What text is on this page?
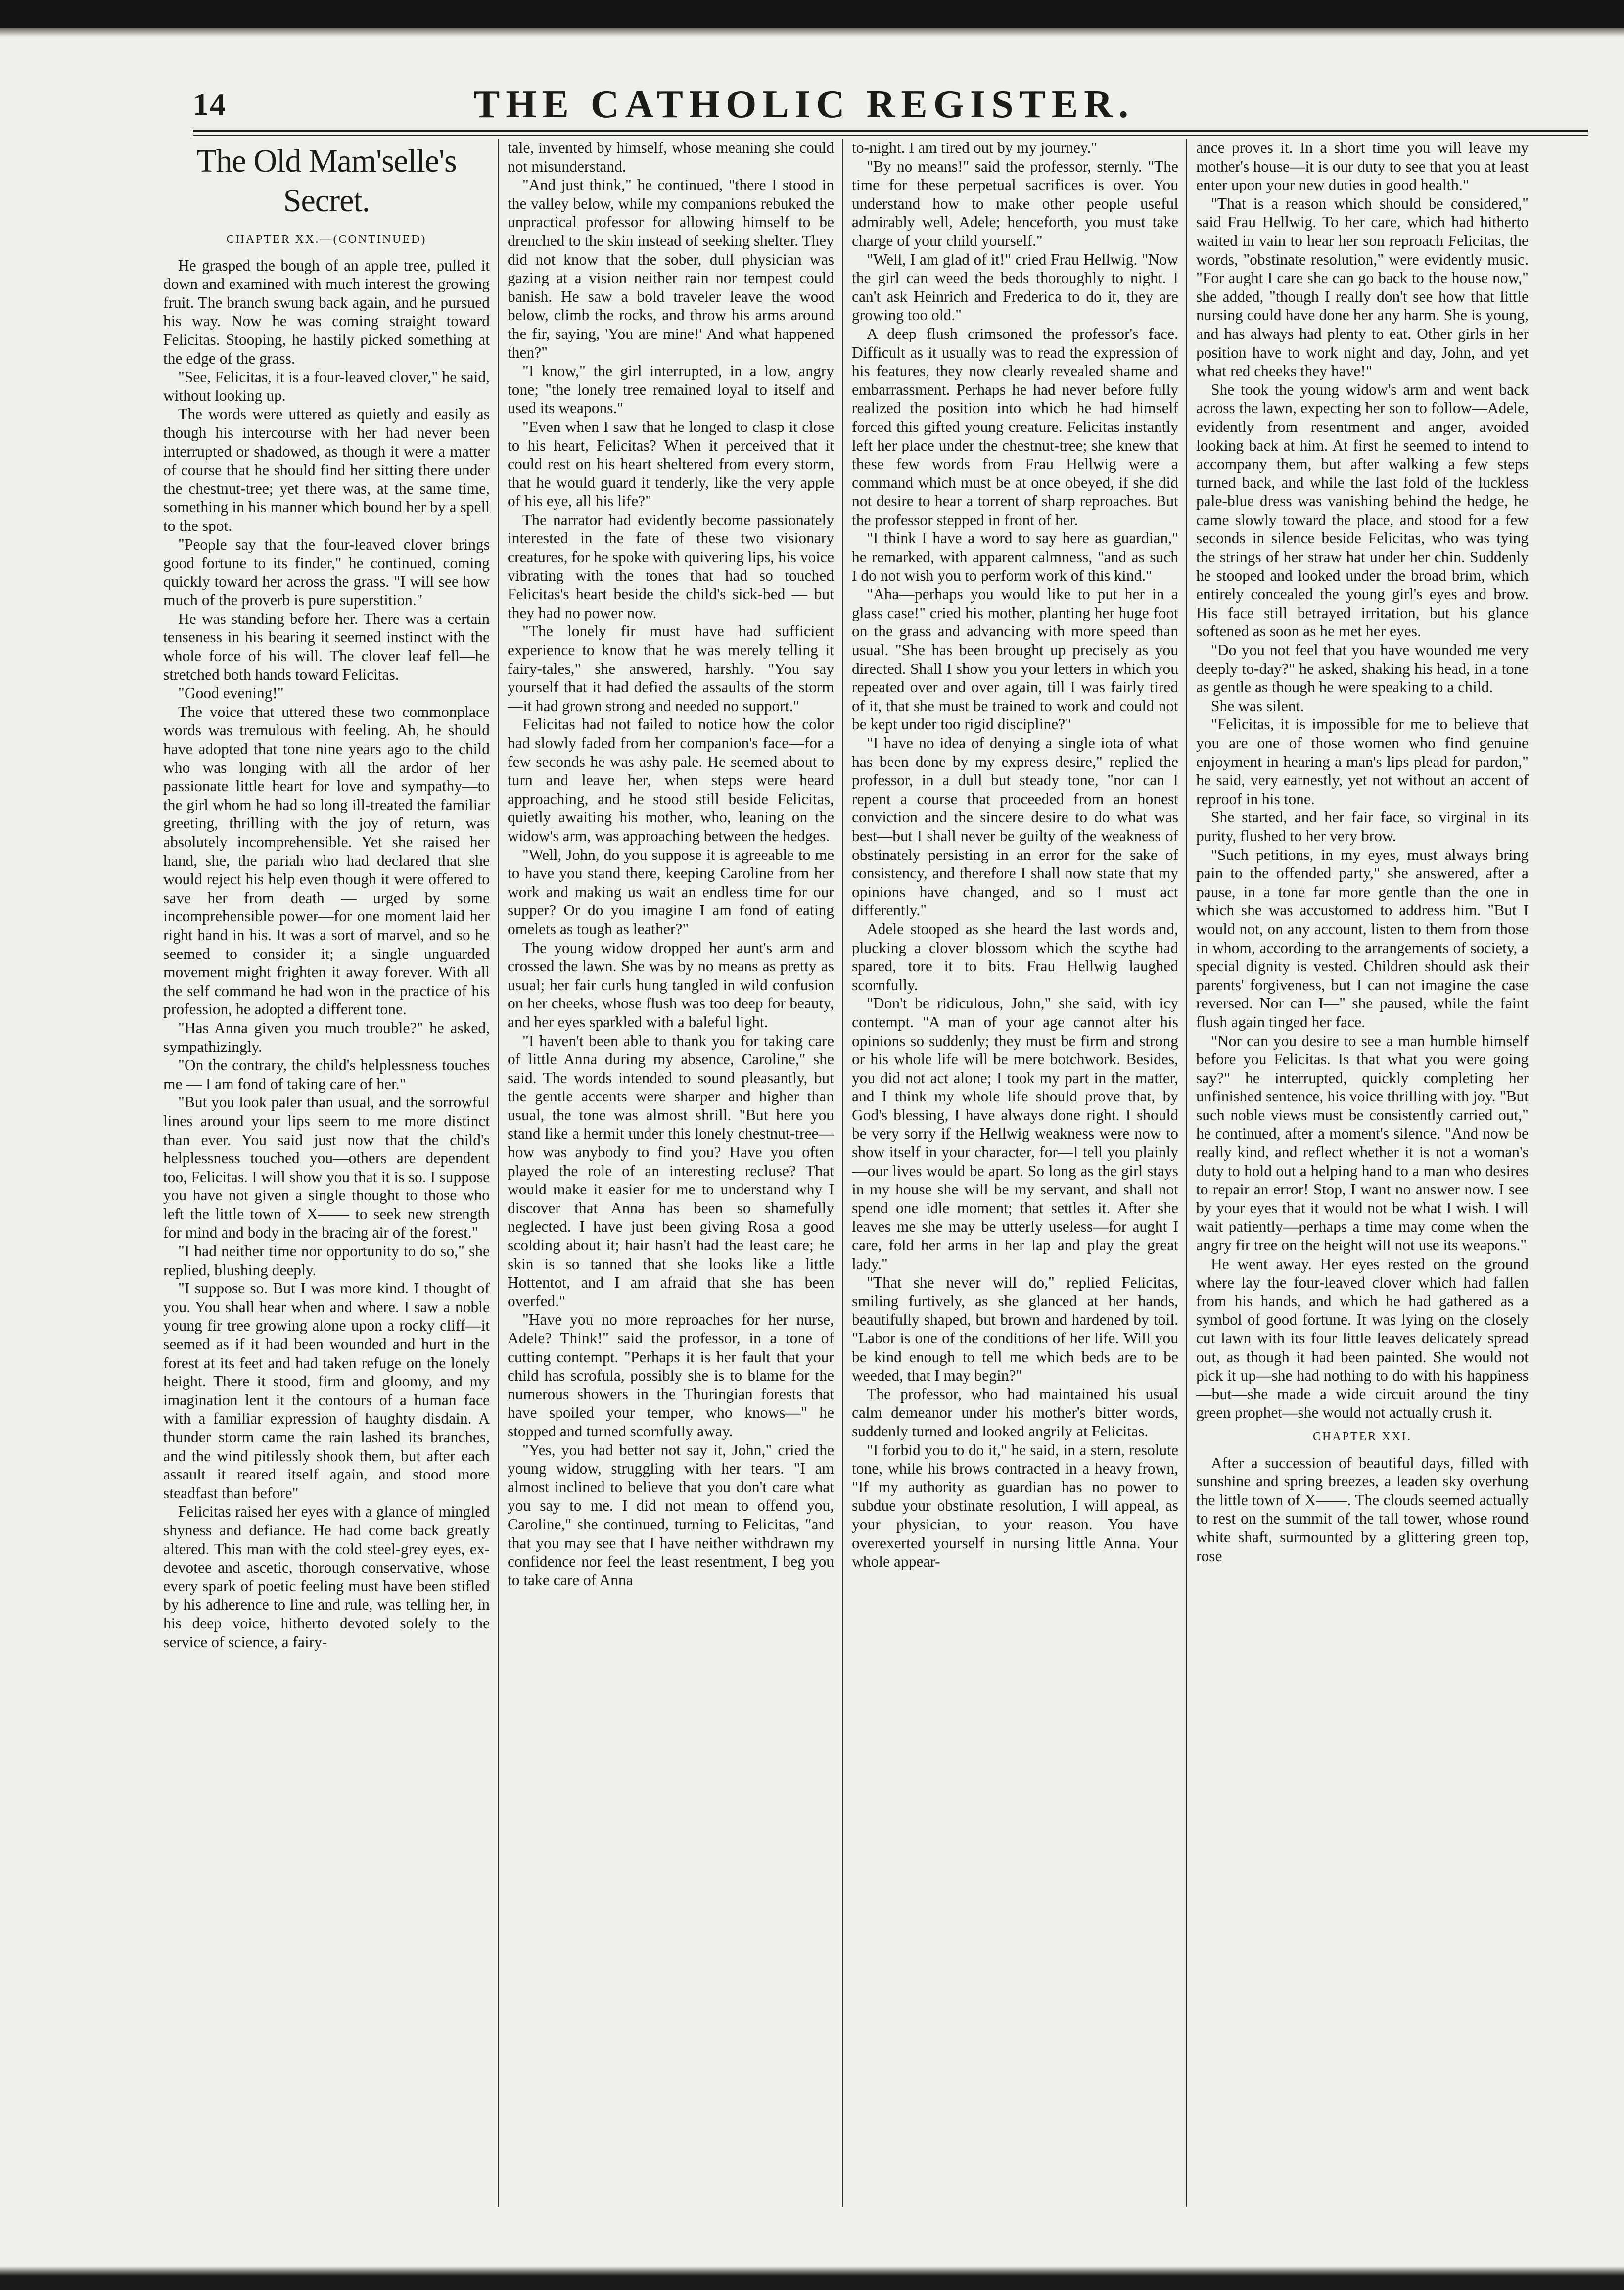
14	THE CATHOLIC REGISTER.
The Old Mam'selle's Secret.
CHAPTER XX.—(CONTINUED)

He grasped the bough of an apple tree, pulled it down and examined with much interest the growing fruit. The branch swung back again, and he pursued his way. Now he was coming straight toward Felicitas. Stooping, he hastily picked something at the edge of the grass.

"See, Felicitas, it is a four-leaved clover," he said, without looking up.

The words were uttered as quietly and easily as though his intercourse with her had never been interrupted or shadowed, as though it were a matter of course that he should find her sitting there under the chestnut-tree; yet there was, at the same time, something in his manner which bound her by a spell to the spot.

"People say that the four-leaved clover brings good fortune to its finder," he continued, coming quickly toward her across the grass. "I will see how much of the proverb is pure superstition."

He was standing before her. There was a certain tenseness in his bearing it seemed instinct with the whole force of his will. The clover leaf fell—he stretched both hands toward Felicitas.

"Good evening!"

The voice that uttered these two commonplace words was tremulous with feeling. Ah, he should have adopted that tone nine years ago to the child who was longing with all the ardor of her passionate little heart for love and sympathy—to the girl whom he had so long ill-treated the familiar greeting, thrilling with the joy of return, was absolutely incomprehensible. Yet she raised her hand, she, the pariah who had declared that she would reject his help even though it were offered to save her from death — urged by some incomprehensible power—for one moment laid her right hand in his. It was a sort of marvel, and so he seemed to consider it; a single unguarded movement might frighten it away forever. With all the self command he had won in the practice of his profession, he adopted a different tone.

"Has Anna given you much trouble?" he asked, sympathizingly.

"On the contrary, the child's helplessness touches me — I am fond of taking care of her."

"But you look paler than usual, and the sorrowful lines around your lips seem to me more distinct than ever. You said just now that the child's helplessness touched you—others are dependent too, Felicitas. I will show you that it is so. I suppose you have not given a single thought to those who left the little town of X—— to seek new strength for mind and body in the bracing air of the forest."

"I had neither time nor opportunity to do so," she replied, blushing deeply.

"I suppose so. But I was more kind. I thought of you. You shall hear when and where. I saw a noble young fir tree growing alone upon a rocky cliff—it seemed as if it had been wounded and hurt in the forest at its feet and had taken refuge on the lonely height. There it stood, firm and gloomy, and my imagination lent it the contours of a human face with a familiar expression of haughty disdain. A thunder storm came the rain lashed its branches, and the wind pitilessly shook them, but after each assault it reared itself again, and stood more steadfast than before"

Felicitas raised her eyes with a glance of mingled shyness and defiance. He had come back greatly altered. This man with the cold steel-grey eyes, ex-devotee and ascetic, thorough conservative, whose every spark of poetic feeling must have been stifled by his adherence to line and rule, was telling her, in his deep voice, hitherto devoted solely to the service of science, a fairy-

tale, invented by himself, whose meaning she could not misunderstand.

"And just think," he continued, "there I stood in the valley below, while my companions rebuked the unpractical professor for allowing himself to be drenched to the skin instead of seeking shelter. They did not know that the sober, dull physician was gazing at a vision neither rain nor tempest could banish. He saw a bold traveler leave the wood below, climb the rocks, and throw his arms around the fir, saying, 'You are mine!' And what happened then?"

"I know," the girl interrupted, in a low, angry tone; "the lonely tree remained loyal to itself and used its weapons."

"Even when I saw that he longed to clasp it close to his heart, Felicitas? When it perceived that it could rest on his heart sheltered from every storm, that he would guard it tenderly, like the very apple of his eye, all his life?"

The narrator had evidently become passionately interested in the fate of these two visionary creatures, for he spoke with quivering lips, his voice vibrating with the tones that had so touched Felicitas's heart beside the child's sick-bed — but they had no power now.

"The lonely fir must have had sufficient experience to know that he was merely telling it fairy-tales," she answered, harshly. "You say yourself that it had defied the assaults of the storm—it had grown strong and needed no support."

Felicitas had not failed to notice how the color had slowly faded from her companion's face—for a few seconds he was ashy pale. He seemed about to turn and leave her, when steps were heard approaching, and he stood still beside Felicitas, quietly awaiting his mother, who, leaning on the widow's arm, was approaching between the hedges.

"Well, John, do you suppose it is agreeable to me to have you stand there, keeping Caroline from her work and making us wait an endless time for our supper? Or do you imagine I am fond of eating omelets as tough as leather?"

The young widow dropped her aunt's arm and crossed the lawn. She was by no means as pretty as usual; her fair curls hung tangled in wild confusion on her cheeks, whose flush was too deep for beauty, and her eyes sparkled with a baleful light.

"I haven't been able to thank you for taking care of little Anna during my absence, Caroline," she said. The words intended to sound pleasantly, but the gentle accents were sharper and higher than usual, the tone was almost shrill. "But here you stand like a hermit under this lonely chestnut-tree—how was anybody to find you? Have you often played the role of an interesting recluse? That would make it easier for me to understand why I discover that Anna has been so shamefully neglected. I have just been giving Rosa a good scolding about it; hair hasn't had the least care; he skin is so tanned that she looks like a little Hottentot, and I am afraid that she has been overfed."

"Have you no more reproaches for her nurse, Adele? Think!" said the professor, in a tone of cutting contempt. "Perhaps it is her fault that your child has scrofula, possibly she is to blame for the numerous showers in the Thuringian forests that have spoiled your temper, who knows—" he stopped and turned scornfully away.

"Yes, you had better not say it, John," cried the young widow, struggling with her tears. "I am almost inclined to believe that you don't care what you say to me. I did not mean to offend you, Caroline," she continued, turning to Felicitas, "and that you may see that I have neither withdrawn my confidence nor feel the least resentment, I beg you to take care of Anna

to-night. I am tired out by my journey."

"By no means!" said the professor, sternly. "The time for these perpetual sacrifices is over. You understand how to make other people useful admirably well, Adele; henceforth, you must take charge of your child yourself."

"Well, I am glad of it!" cried Frau Hellwig. "Now the girl can weed the beds thoroughly to night. I can't ask Heinrich and Frederica to do it, they are growing too old."

A deep flush crimsoned the professor's face. Difficult as it usually was to read the expression of his features, they now clearly revealed shame and embarrassment. Perhaps he had never before fully realized the position into which he had himself forced this gifted young creature. Felicitas instantly left her place under the chestnut-tree; she knew that these few words from Frau Hellwig were a command which must be at once obeyed, if she did not desire to hear a torrent of sharp reproaches. But the professor stepped in front of her.

"I think I have a word to say here as guardian," he remarked, with apparent calmness, "and as such I do not wish you to perform work of this kind."

"Aha—perhaps you would like to put her in a glass case!" cried his mother, planting her huge foot on the grass and advancing with more speed than usual. "She has been brought up precisely as you directed. Shall I show you your letters in which you repeated over and over again, till I was fairly tired of it, that she must be trained to work and could not be kept under too rigid discipline?"

"I have no idea of denying a single iota of what has been done by my express desire," replied the professor, in a dull but steady tone, "nor can I repent a course that proceeded from an honest conviction and the sincere desire to do what was best—but I shall never be guilty of the weakness of obstinately persisting in an error for the sake of consistency, and therefore I shall now state that my opinions have changed, and so I must act differently."

Adele stooped as she heard the last words and, plucking a clover blossom which the scythe had spared, tore it to bits. Frau Hellwig laughed scornfully.

"Don't be ridiculous, John," she said, with icy contempt. "A man of your age cannot alter his opinions so suddenly; they must be firm and strong or his whole life will be mere botchwork. Besides, you did not act alone; I took my part in the matter, and I think my whole life should prove that, by God's blessing, I have always done right. I should be very sorry if the Hellwig weakness were now to show itself in your character, for—I tell you plainly—our lives would be apart. So long as the girl stays in my house she will be my servant, and shall not spend one idle moment; that settles it. After she leaves me she may be utterly useless—for aught I care, fold her arms in her lap and play the great lady."

"That she never will do," replied Felicitas, smiling furtively, as she glanced at her hands, beautifully shaped, but brown and hardened by toil. "Labor is one of the conditions of her life. Will you be kind enough to tell me which beds are to be weeded, that I may begin?"

The professor, who had maintained his usual calm demeanor under his mother's bitter words, suddenly turned and looked angrily at Felicitas.

"I forbid you to do it," he said, in a stern, resolute tone, while his brows contracted in a heavy frown, "If my authority as guardian has no power to subdue your obstinate resolution, I will appeal, as your physician, to your reason. You have overexerted yourself in nursing little Anna. Your whole appear-

ance proves it. In a short time you will leave my mother's house—it is our duty to see that you at least enter upon your new duties in good health."

"That is a reason which should be considered," said Frau Hellwig. To her care, which had hitherto waited in vain to hear her son reproach Felicitas, the words, "obstinate resolution," were evidently music. "For aught I care she can go back to the house now," she added, "though I really don't see how that little nursing could have done her any harm. She is young, and has always had plenty to eat. Other girls in her position have to work night and day, John, and yet what red cheeks they have!"

She took the young widow's arm and went back across the lawn, expecting her son to follow—Adele, evidently from resentment and anger, avoided looking back at him. At first he seemed to intend to accompany them, but after walking a few steps turned back, and while the last fold of the luckless pale-blue dress was vanishing behind the hedge, he came slowly toward the place, and stood for a few seconds in silence beside Felicitas, who was tying the strings of her straw hat under her chin. Suddenly he stooped and looked under the broad brim, which entirely concealed the young girl's eyes and brow. His face still betrayed irritation, but his glance softened as soon as he met her eyes.

"Do you not feel that you have wounded me very deeply to-day?" he asked, shaking his head, in a tone as gentle as though he were speaking to a child.

She was silent.

"Felicitas, it is impossible for me to believe that you are one of those women who find genuine enjoyment in hearing a man's lips plead for pardon," he said, very earnestly, yet not without an accent of reproof in his tone.

She started, and her fair face, so virginal in its purity, flushed to her very brow.

"Such petitions, in my eyes, must always bring pain to the offended party," she answered, after a pause, in a tone far more gentle than the one in which she was accustomed to address him. "But I would not, on any account, listen to them from those in whom, according to the arrangements of society, a special dignity is vested. Children should ask their parents' forgiveness, but I can not imagine the case reversed. Nor can I—" she paused, while the faint flush again tinged her face.

"Nor can you desire to see a man humble himself before you Felicitas. Is that what you were going say?" he interrupted, quickly completing her unfinished sentence, his voice thrilling with joy. "But such noble views must be consistently carried out," he continued, after a moment's silence. "And now be really kind, and reflect whether it is not a woman's duty to hold out a helping hand to a man who desires to repair an error! Stop, I want no answer now. I see by your eyes that it would not be what I wish. I will wait patiently—perhaps a time may come when the angry fir tree on the height will not use its weapons."

He went away. Her eyes rested on the ground where lay the four-leaved clover which had fallen from his hands, and which he had gathered as a symbol of good fortune. It was lying on the closely cut lawn with its four little leaves delicately spread out, as though it had been painted. She would not pick it up—she had nothing to do with his happiness—but—she made a wide circuit around the tiny green prophet—she would not actually crush it.

CHAPTER XXI.

After a succession of beautiful days, filled with sunshine and spring breezes, a leaden sky overhung the little town of X——. The clouds seemed actually to rest on the summit of the tall tower, whose round white shaft, surmounted by a glittering green top, rose
